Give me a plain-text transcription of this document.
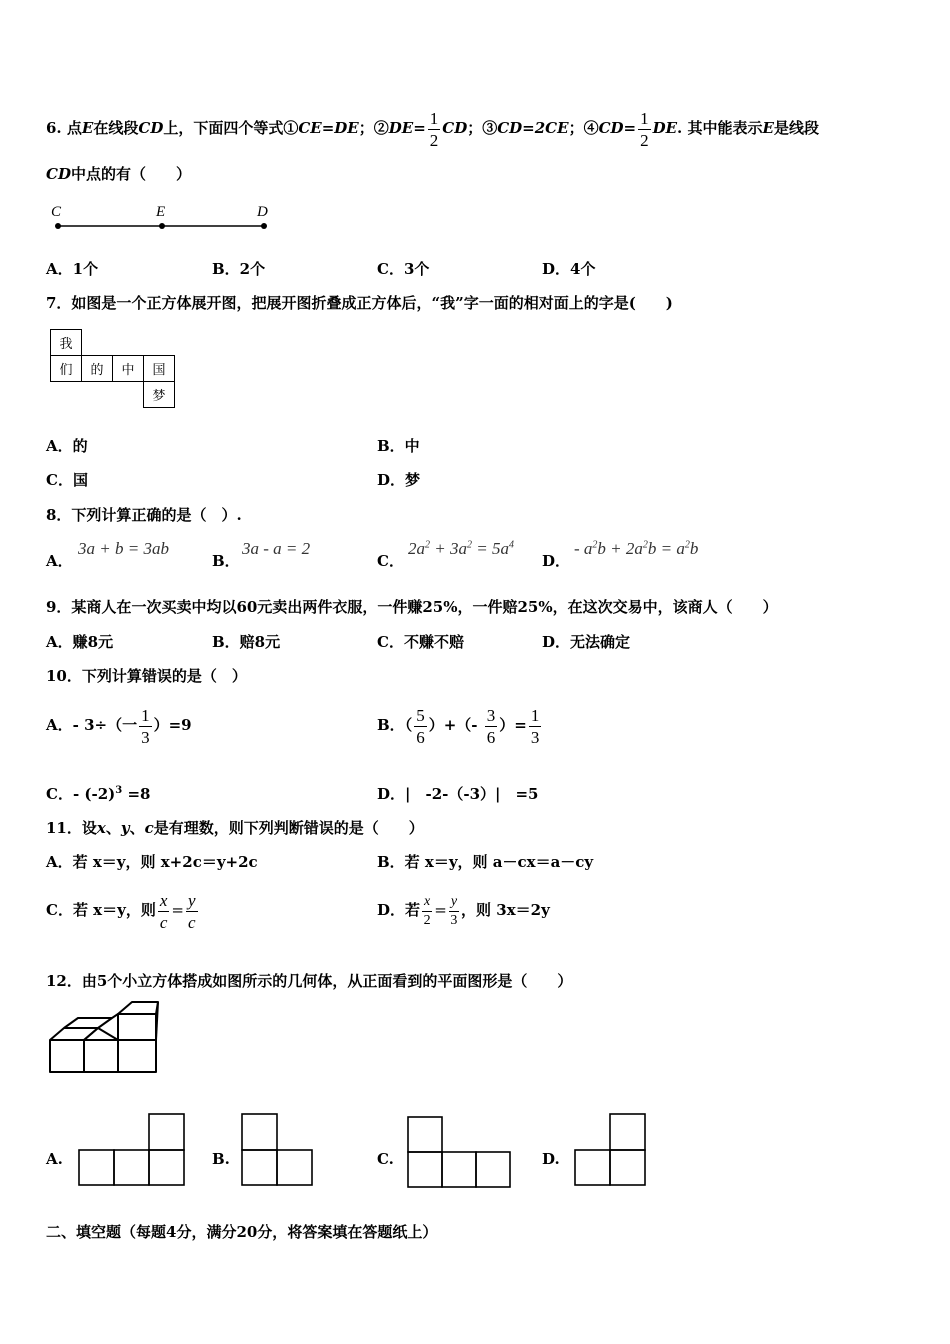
6. 点E在线段CD上，下面四个等式①CE=DE；②DE= $\frac{1}{2}$ CD；③CD=2CE；④CD= $\frac{1}{2}$ DE. 其中能表示E是线段
CD中点的有（　　）
C	E	D
A．1个	B．2个	C．3个	D．4个
7．如图是一个正方体展开图，把展开图折叠成正方体后，“我”字一面的相对面上的字是(　　)
我			
们	的	中	国
			梦
A．的	B．中
C．国	D．梦
8．下列计算正确的是（　）.
A．
3a + b = 3ab
B．
3a - a = 2
C．
$2a^2 + 3a^2 = 5a^4$
D．
- $a^2b + 2a^2b = a^2b$
9．某商人在一次买卖中均以60元卖出两件衣服，一件赚25%，一件赔25%，在这次交易中，该商人（　　）
A．赚8元	B．赔8元	C．不赚不赔	D．无法确定
10．下列计算错误的是（　）
A．- 3÷（一 $\frac{1}{3} )=9$	B．（ $\frac{5}{6}$ ）+（- $\frac{3}{6}$ ）= $\frac{1}{3}$
C．- $(-2)^3 =8$	D．|　-2-（-3）|　=5
11．设x、y、c是有理数，则下列判断错误的是（　　）
A．若 x＝y，则 x+2c＝y+2c	B．若 x＝y，则 a－cx＝a－cy
C．若 x＝y，则 $\frac{x}{c} = \frac{y}{c}$	D．若 $\frac{x}{2} = \frac{y}{3}$ ，则 3x＝2y
12．由5个小立方体搭成如图所示的几何体，从正面看到的平面图形是（　　）
A.	B.	C.	D.
二、填空题（每题4分，满分20分，将答案填在答题纸上）
